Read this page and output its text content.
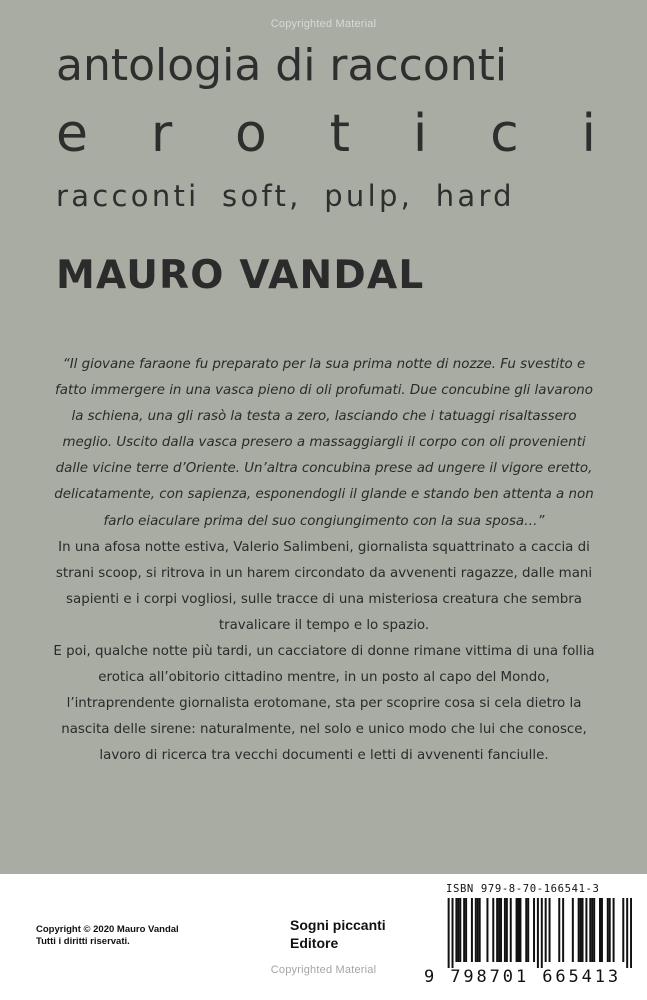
Copyrighted Material
antologia di racconti
e r o t i c i
racconti soft, pulp, hard
MAURO VANDAL

“Il giovane faraone fu preparato per la sua prima notte di nozze. Fu svestito e fatto immergere in una vasca pieno di oli profumati. Due concubine gli lavarono la schiena, una gli rasò la testa a zero, lasciando che i tatuaggi risaltassero meglio. Uscito dalla vasca presero a massaggiargli il corpo con oli provenienti dalle vicine terre d’Oriente. Un’altra concubina prese ad ungere il vigore eretto, delicatamente, con sapienza, esponendogli il glande e stando ben attenta a non farlo eiaculare prima del suo congiungimento con la sua sposa…”

In una afosa notte estiva, Valerio Salimbeni, giornalista squattrinato a caccia di strani scoop, si ritrova in un harem circondato da avvenenti ragazze, dalle mani sapienti e i corpi vogliosi, sulle tracce di una misteriosa creatura che sembra travalicare il tempo e lo spazio.

E poi, qualche notte più tardi, un cacciatore di donne rimane vittima di una follia erotica all’obitorio cittadino mentre, in un posto al capo del Mondo, l’intraprendente giornalista erotomane, sta per scoprire cosa si cela dietro la nascita delle sirene: naturalmente, nel solo e unico modo che lui che conosce, lavoro di ricerca tra vecchi documenti e letti di avvenenti fanciulle.

Copyright © 2020 Mauro Vandal
Tutti i diritti riservati.
Sogni piccanti
Editore
ISBN 979-8-70-166541-3
9 798701 665413
Copyrighted Material
